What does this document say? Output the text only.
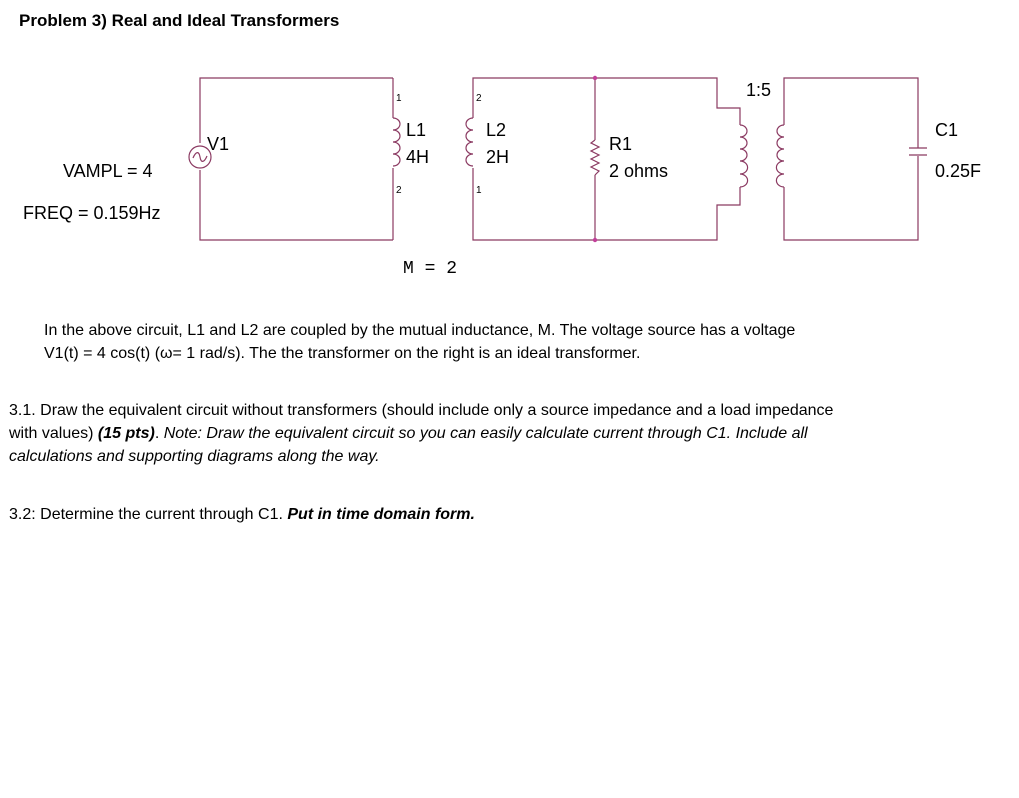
Problem 3) Real and Ideal Transformers
V1
VAMPL = 4
FREQ = 0.159Hz
1
2
L1
4H
2
1
L2
2H
M = 2
R1
2 ohms
1:5
C1
0.25F
In the above circuit, L1 and L2 are coupled by the mutual inductance, M. The voltage source has a voltage
V1(t) = 4 cos(t) (ω= 1 rad/s). The the transformer on the right is an ideal transformer.
3.1. Draw the equivalent circuit without transformers (should include only a source impedance and a load impedance
with values) (15 pts). Note: Draw the equivalent circuit so you can easily calculate current through C1. Include all
calculations and supporting diagrams along the way.
3.2: Determine the current through C1. Put in time domain form.
